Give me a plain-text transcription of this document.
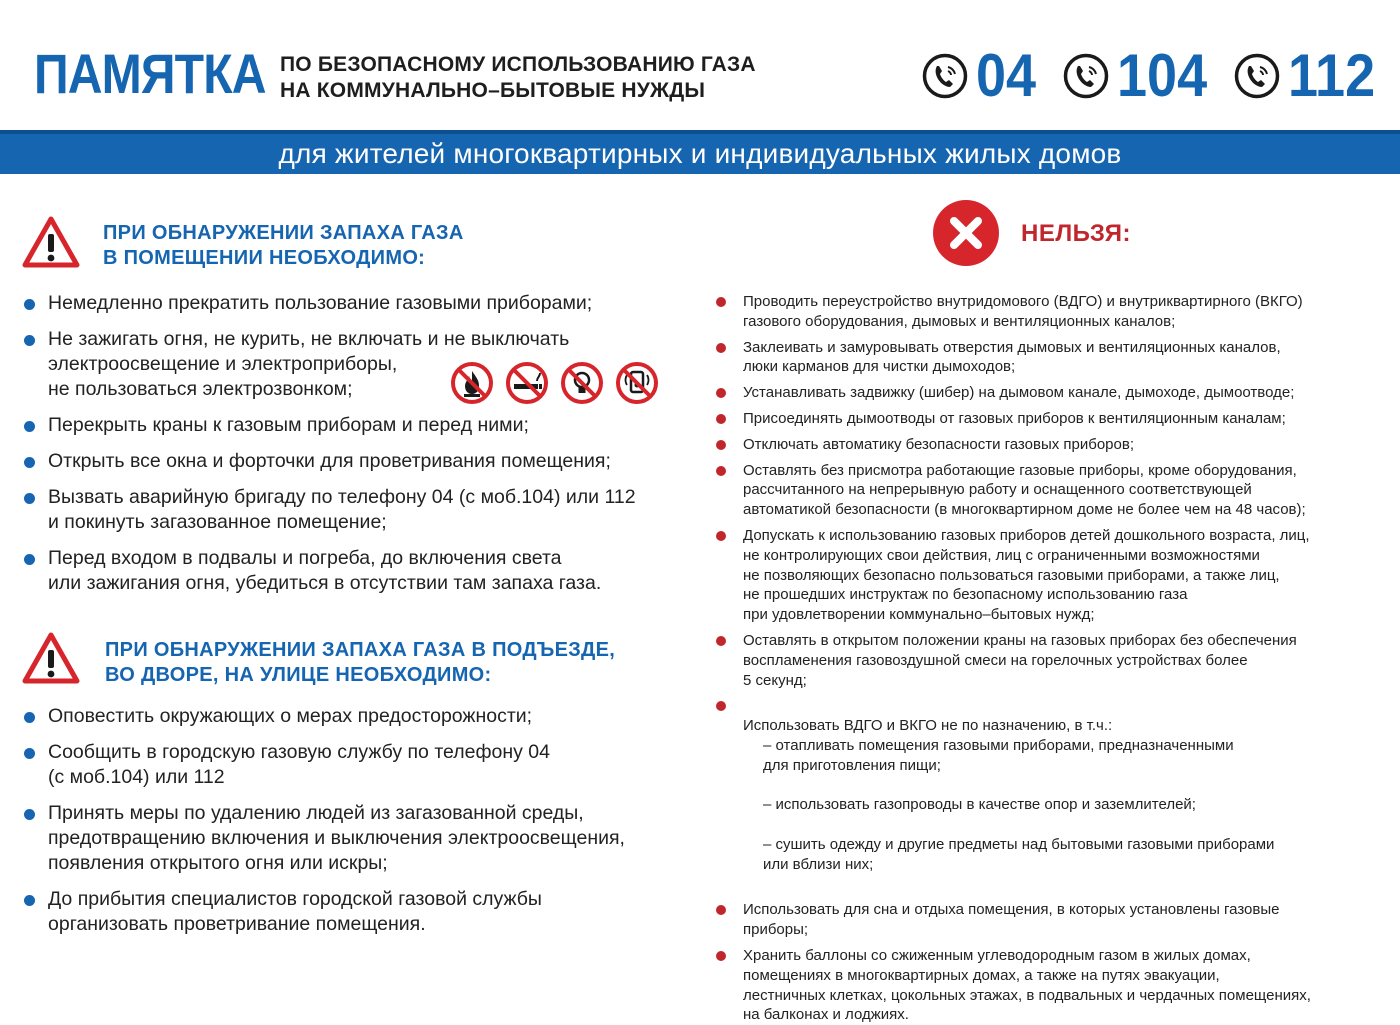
ПАМЯТКА ПО БЕЗОПАСНОМУ ИСПОЛЬЗОВАНИЮ ГАЗА
НА КОММУНАЛЬНО–БЫТОВЫЕ НУЖДЫ	04 104 112
для жителей многоквартирных и индивидуальных жилых домов
ПРИ ОБНАРУЖЕНИИ ЗАПАХА ГАЗА
В ПОМЕЩЕНИИ НЕОБХОДИМО:
Немедленно прекратить пользование газовыми приборами;
Не зажигать огня, не курить, не включать и не выключать
электроосвещение и электроприборы,
не пользоваться электрозвонком;
Перекрыть краны к газовым приборам и перед ними;
Открыть все окна и форточки для проветривания помещения;
Вызвать аварийную бригаду по телефону 04 (с моб.104) или 112
и покинуть загазованное помещение;
Перед входом в подвалы и погреба, до включения света
или зажигания огня, убедиться в отсутствии там запаха газа.
ПРИ ОБНАРУЖЕНИИ ЗАПАХА ГАЗА В ПОДЪЕЗДЕ,
ВО ДВОРЕ, НА УЛИЦЕ НЕОБХОДИМО:
Оповестить окружающих о мерах предосторожности;
Сообщить в городскую газовую службу по телефону 04
(с моб.104) или 112
Принять меры по удалению людей из загазованной среды,
предотвращению включения и выключения электроосвещения,
появления открытого огня или искры;
До прибытия специалистов городской газовой службы
организовать проветривание помещения.
НЕЛЬЗЯ:
Проводить переустройство внутридомового (ВДГО) и внутриквартирного (ВКГО)
газового оборудования, дымовых и вентиляционных каналов;
Заклеивать и замуровывать отверстия дымовых и вентиляционных каналов,
люки карманов для чистки дымоходов;
Устанавливать задвижку (шибер) на дымовом канале, дымоходе, дымоотводе;
Присоединять дымоотводы от газовых приборов к вентиляционным каналам;
Отключать автоматику безопасности газовых приборов;
Оставлять без присмотра работающие газовые приборы, кроме оборудования,
рассчитанного на непрерывную работу и оснащенного соответствующей
автоматикой безопасности (в многоквартирном доме не более чем на 48 часов);
Допускать к использованию газовых приборов детей дошкольного возраста, лиц,
не контролирующих свои действия, лиц с ограниченными возможностями
не позволяющих безопасно пользоваться газовыми приборами, а также лиц,
не прошедших инструктаж по безопасному использованию газа
при удовлетворении коммунально–бытовых нужд;
Оставлять в открытом положении краны на газовых приборах без обеспечения
воспламенения газовоздушной смеси на горелочных устройствах более
5 секунд;

Использовать ВДГО и ВКГО не по назначению, в т.ч.:

– отапливать помещения газовыми приборами, предназначенными
для приготовления пищи;

– использовать газопроводы в качестве опор и заземлителей;

– сушить одежду и другие предметы над бытовыми газовыми приборами
или вблизи них;

Использовать для сна и отдыха помещения, в которых установлены газовые
приборы;
Хранить баллоны со сжиженным углеводородным газом в жилых домах,
помещениях в многоквартирных домах, а также на путях эвакуации,
лестничных клетках, цокольных этажах, в подвальных и чердачных помещениях,
на балконах и лоджиях.
